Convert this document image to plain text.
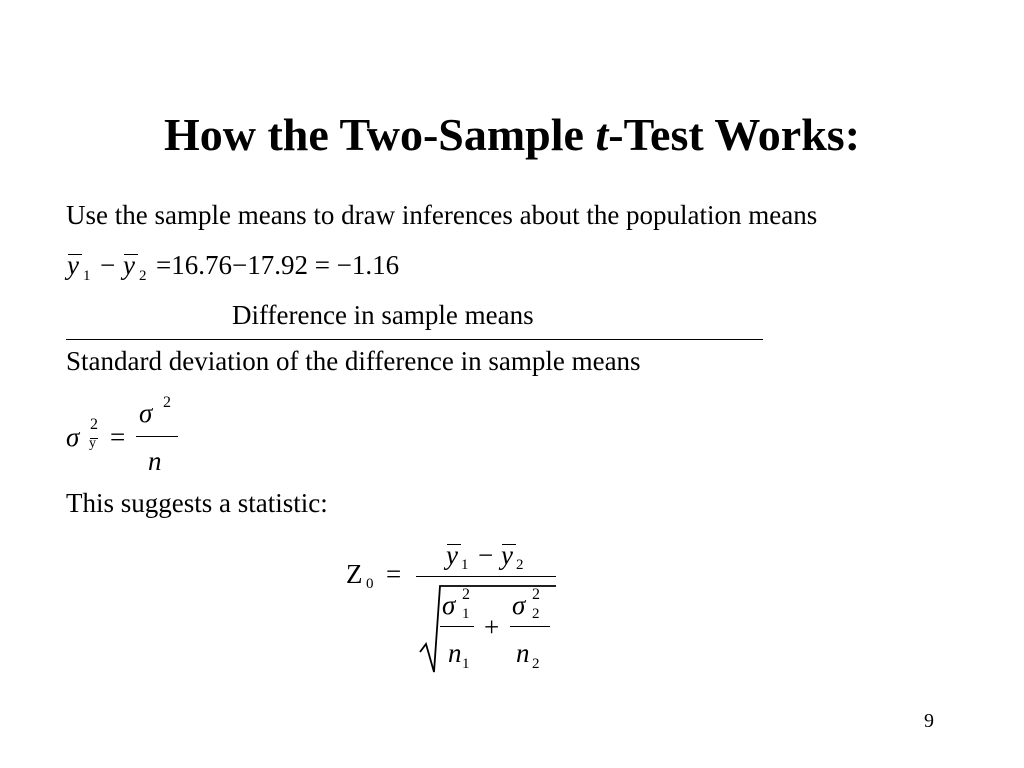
How the Two-Sample t-Test Works:
Use the sample means to draw inferences about the population means
y 1 − y 2 =16.76−17.92 = −1.16
Difference in sample means
Standard deviation of the difference in sample means
σ 2
y =
σ 2
n
This suggests a statistic:
Z 0 =
y 1 − y 2
σ 2
1
n 1
+
σ 2
2
n 2
9
